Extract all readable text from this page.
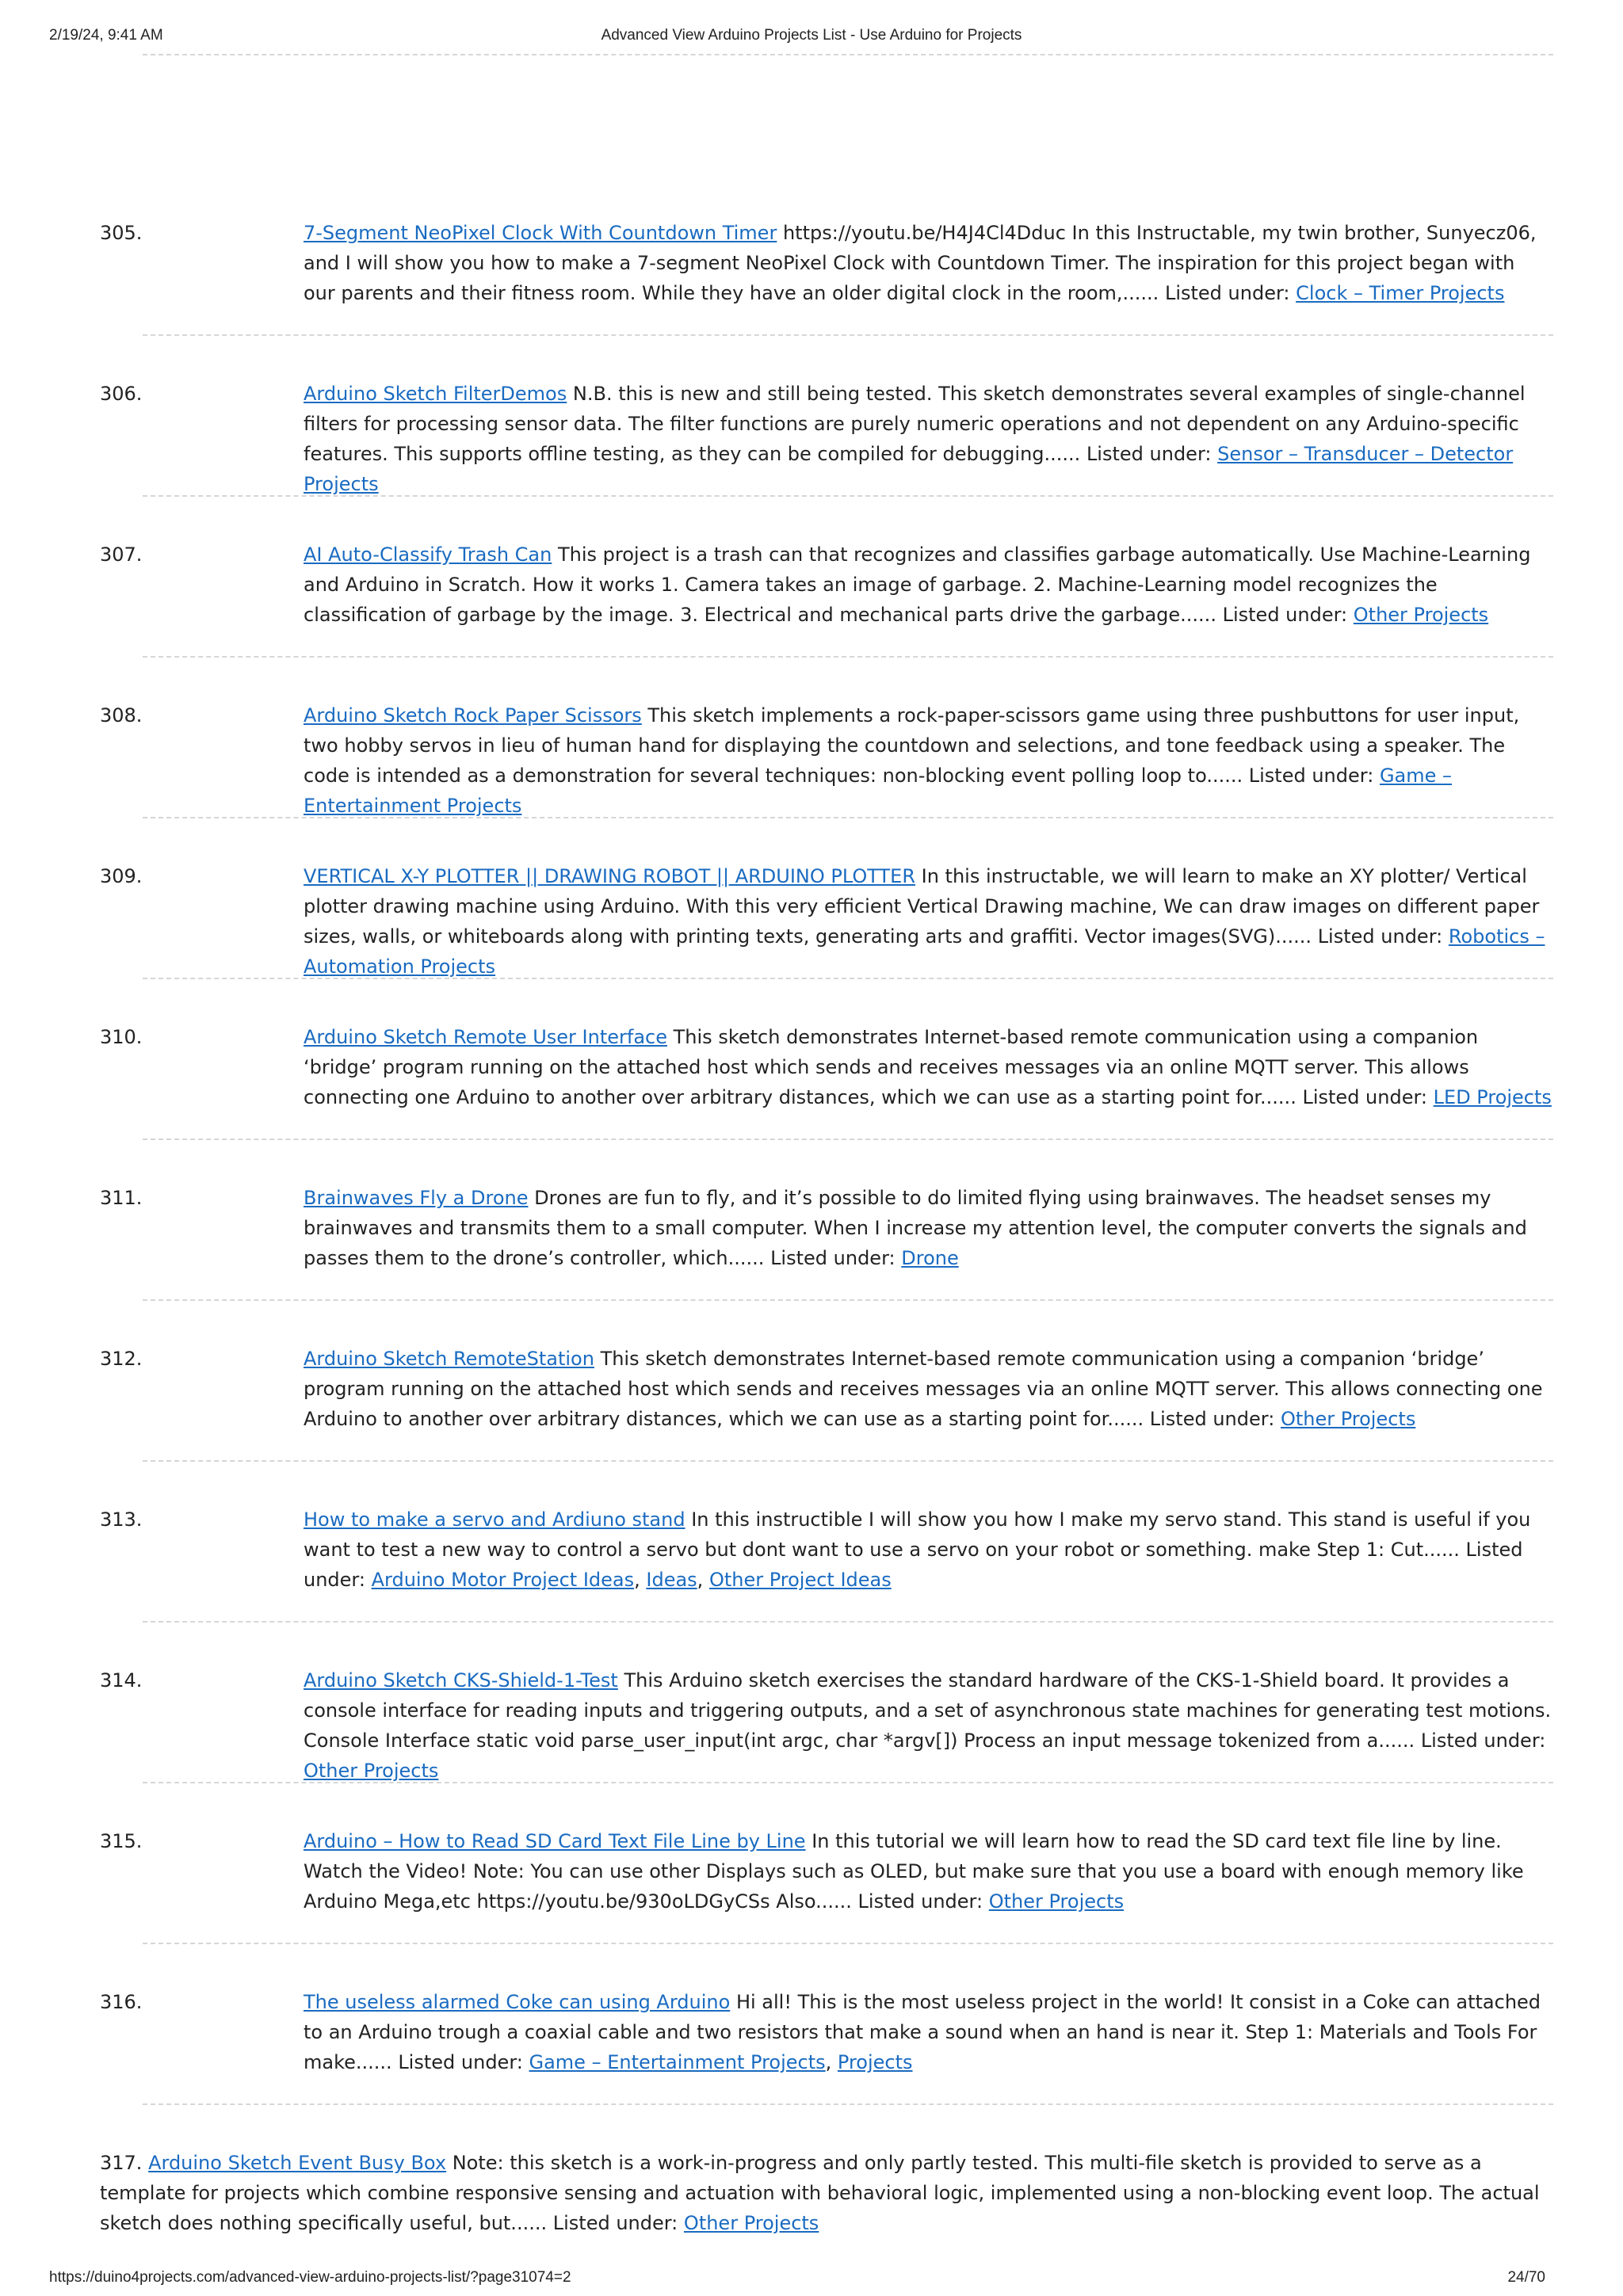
2/19/24, 9:41 AM	Advanced View Arduino Projects List - Use Arduino for Projects
305.	7-Segment NeoPixel Clock With Countdown Timer https://youtu.be/H4J4Cl4Dduc In this Instructable, my twin brother, Sunyecz06, and I will show you how to make a 7-segment NeoPixel Clock with Countdown Timer. The inspiration for this project began with our parents and their fitness room. While they have an older digital clock in the room,...... Listed under: Clock – Timer Projects
306.	Arduino Sketch FilterDemos N.B. this is new and still being tested. This sketch demonstrates several examples of single-channel filters for processing sensor data. The filter functions are purely numeric operations and not dependent on any Arduino-specific features. This supports offline testing, as they can be compiled for debugging...... Listed under: Sensor – Transducer – Detector Projects
307.	AI Auto-Classify Trash Can This project is a trash can that recognizes and classifies garbage automatically. Use Machine-Learning and Arduino in Scratch. How it works 1. Camera takes an image of garbage. 2. Machine-Learning model recognizes the classification of garbage by the image. 3. Electrical and mechanical parts drive the garbage...... Listed under: Other Projects
308.	Arduino Sketch Rock Paper Scissors This sketch implements a rock-paper-scissors game using three pushbuttons for user input, two hobby servos in lieu of human hand for displaying the countdown and selections, and tone feedback using a speaker. The code is intended as a demonstration for several techniques: non-blocking event polling loop to...... Listed under: Game – Entertainment Projects
309.	VERTICAL X-Y PLOTTER || DRAWING ROBOT || ARDUINO PLOTTER In this instructable, we will learn to make an XY plotter/ Vertical plotter drawing machine using Arduino. With this very efficient Vertical Drawing machine, We can draw images on different paper sizes, walls, or whiteboards along with printing texts, generating arts and graffiti. Vector images(SVG)...... Listed under: Robotics – Automation Projects
310.	Arduino Sketch Remote User Interface This sketch demonstrates Internet-based remote communication using a companion ‘bridge’ program running on the attached host which sends and receives messages via an online MQTT server. This allows connecting one Arduino to another over arbitrary distances, which we can use as a starting point for...... Listed under: LED Projects
311.	Brainwaves Fly a Drone Drones are fun to fly, and it’s possible to do limited flying using brainwaves. The headset senses my brainwaves and transmits them to a small computer. When I increase my attention level, the computer converts the signals and passes them to the drone’s controller, which...... Listed under: Drone
312.	Arduino Sketch RemoteStation This sketch demonstrates Internet-based remote communication using a companion ‘bridge’ program running on the attached host which sends and receives messages via an online MQTT server. This allows connecting one Arduino to another over arbitrary distances, which we can use as a starting point for...... Listed under: Other Projects
313.	How to make a servo and Ardiuno stand In this instructible I will show you how I make my servo stand. This stand is useful if you want to test a new way to control a servo but dont want to use a servo on your robot or something. make Step 1: Cut...... Listed under: Arduino Motor Project Ideas, Ideas, Other Project Ideas
314.	Arduino Sketch CKS-Shield-1-Test This Arduino sketch exercises the standard hardware of the CKS-1-Shield board. It provides a console interface for reading inputs and triggering outputs, and a set of asynchronous state machines for generating test motions. Console Interface static void parse_user_input(int argc, char *argv[]) Process an input message tokenized from a...... Listed under: Other Projects
315.	Arduino – How to Read SD Card Text File Line by Line In this tutorial we will learn how to read the SD card text file line by line. Watch the Video! Note: You can use other Displays such as OLED, but make sure that you use a board with enough memory like Arduino Mega,etc https://youtu.be/930oLDGyCSs Also...... Listed under: Other Projects
316.	The useless alarmed Coke can using Arduino Hi all! This is the most useless project in the world! It consist in a Coke can attached to an Arduino trough a coaxial cable and two resistors that make a sound when an hand is near it. Step 1: Materials and Tools For make...... Listed under: Game – Entertainment Projects, Projects
317. Arduino Sketch Event Busy Box Note: this sketch is a work-in-progress and only partly tested. This multi-file sketch is provided to serve as a template for projects which combine responsive sensing and actuation with behavioral logic, implemented using a non-blocking event loop. The actual sketch does nothing specifically useful, but...... Listed under: Other Projects
https://duino4projects.com/advanced-view-arduino-projects-list/?page31074=2	24/70
